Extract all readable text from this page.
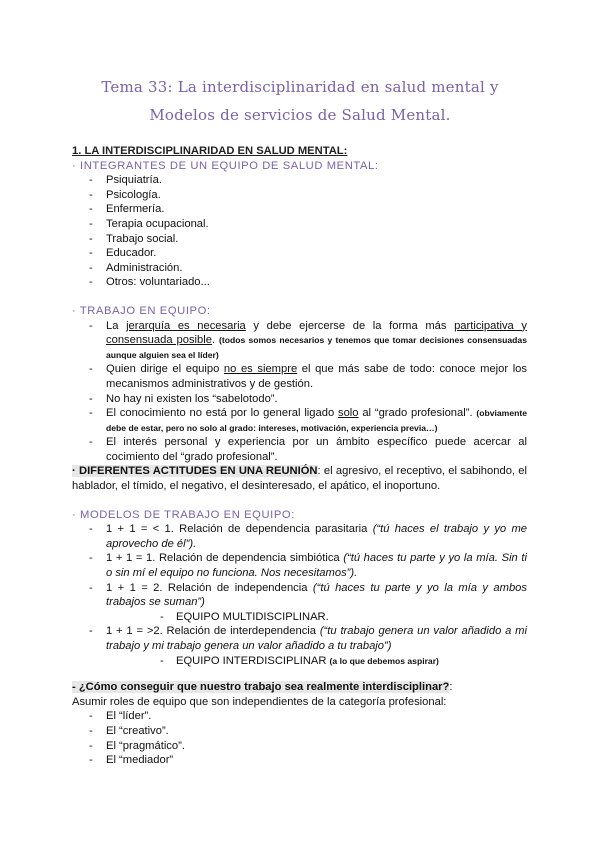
Tema 33: La interdisciplinaridad en salud mental y
Modelos de servicios de Salud Mental.
1. LA INTERDISCIPLINARIDAD EN SALUD MENTAL:
· INTEGRANTES DE UN EQUIPO DE SALUD MENTAL:
- Psiquiatría.
- Psicología.
- Enfermería.
- Terapia ocupacional.
- Trabajo social.
- Educador.
- Administración.
- Otros: voluntariado...
· TRABAJO EN EQUIPO:
- La jerarquía es necesaria y debe ejercerse de la forma más participativa y consensuada posible. (todos somos necesarios y tenemos que tomar decisiones consensuadas aunque alguien sea el líder)
- Quien dirige el equipo no es siempre el que más sabe de todo: conoce mejor los mecanismos administrativos y de gestión.
- No hay ni existen los “sabelotodo”.
- El conocimiento no está por lo general ligado solo al “grado profesional”. (obviamente debe de estar, pero no solo al grado: intereses, motivación, experiencia previa…)
- El interés personal y experiencia por un ámbito específico puede acercar al cocimiento del “grado profesional”.
· DIFERENTES ACTITUDES EN UNA REUNIÓN: el agresivo, el receptivo, el sabihondo, el hablador, el tímido, el negativo, el desinteresado, el apático, el inoportuno.
· MODELOS DE TRABAJO EN EQUIPO:
- 1 + 1 = < 1. Relación de dependencia parasitaria (“tú haces el trabajo y yo me aprovecho de él”).
- 1 + 1 = 1. Relación de dependencia simbiótica (“tú haces tu parte y yo la mía. Sin ti o sin mí el equipo no funciona. Nos necesitamos”).
- 1 + 1 = 2. Relación de independencia (“tú haces tu parte y yo la mía y ambos trabajos se suman”)
- EQUIPO MULTIDISCIPLINAR.
- 1 + 1 = >2. Relación de interdependencia (“tu trabajo genera un valor añadido a mi trabajo y mi trabajo genera un valor añadido a tu trabajo”)
- EQUIPO INTERDISCIPLINAR (a lo que debemos aspirar)
- ¿Cómo conseguir que nuestro trabajo sea realmente interdisciplinar?:
Asumir roles de equipo que son independientes de la categoría profesional:
- El “líder”.
- El “creativo”.
- El “pragmático”.
- El “mediador”
